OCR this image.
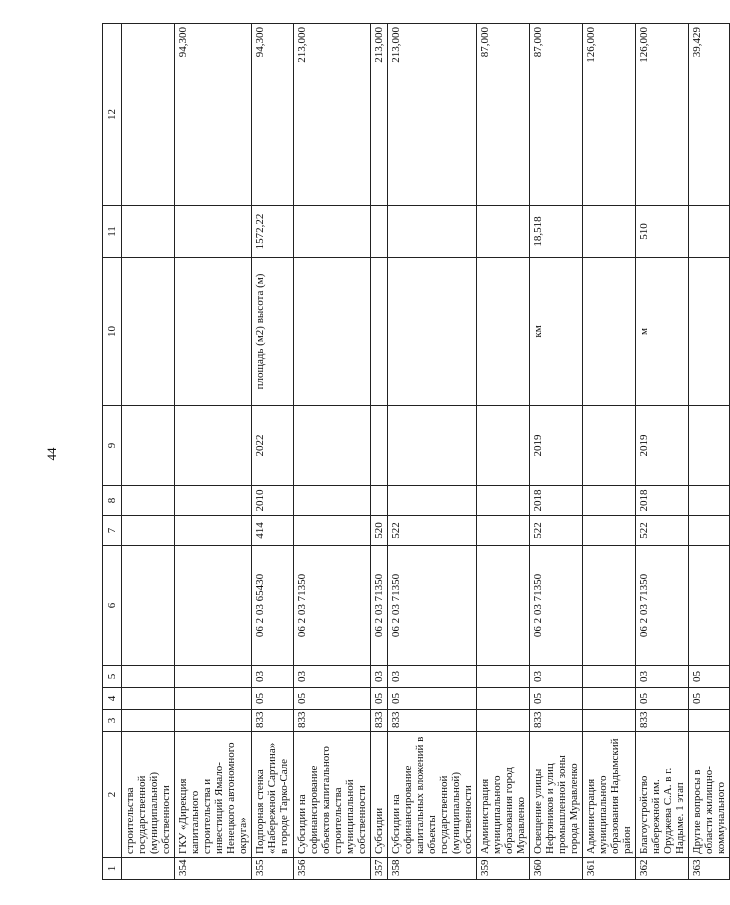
44
1	2	3	4	5	6	7	8	9	10	11	12
	строительства государственной (муниципальной) собственности										
354	ГКУ «Дирекция капитального строительства и инвестиций Ямало-Ненецкого автономного округа»										94,300
355	Подпорная стенка «Набережной Сартина» в городе Тарко-Сале	833	05	03	06 2 03 65430	414	2010	2022	площадь (м2) высота (м)	1572,22	94,300
356	Субсидии на софинансирование объектов капитального строительства муниципальной собственности	833	05	03	06 2 03 71350						213,000
357	Субсидии	833	05	03	06 2 03 71350	520					213,000
358	Субсидии на софинансирование капитальных вложений в объекты государственной (муниципальной) собственности	833	05	03	06 2 03 71350	522					213,000
359	Администрация муниципального образования город Муравленко										87,000
360	Освещение улицы Нефтяников и улиц промышленной зоны города Муравленко	833	05	03	06 2 03 71350	522	2018	2019	км	18,518	87,000
361	Администрация муниципального образования Надымский район										126,000
362	Благоустройство набережной им. Оруджева С.А. в г. Надыме. 1 этап	833	05	03	06 2 03 71350	522	2018	2019	м	510	126,000
363	Другие вопросы в области жилищно-коммунального		05	05							39,429
